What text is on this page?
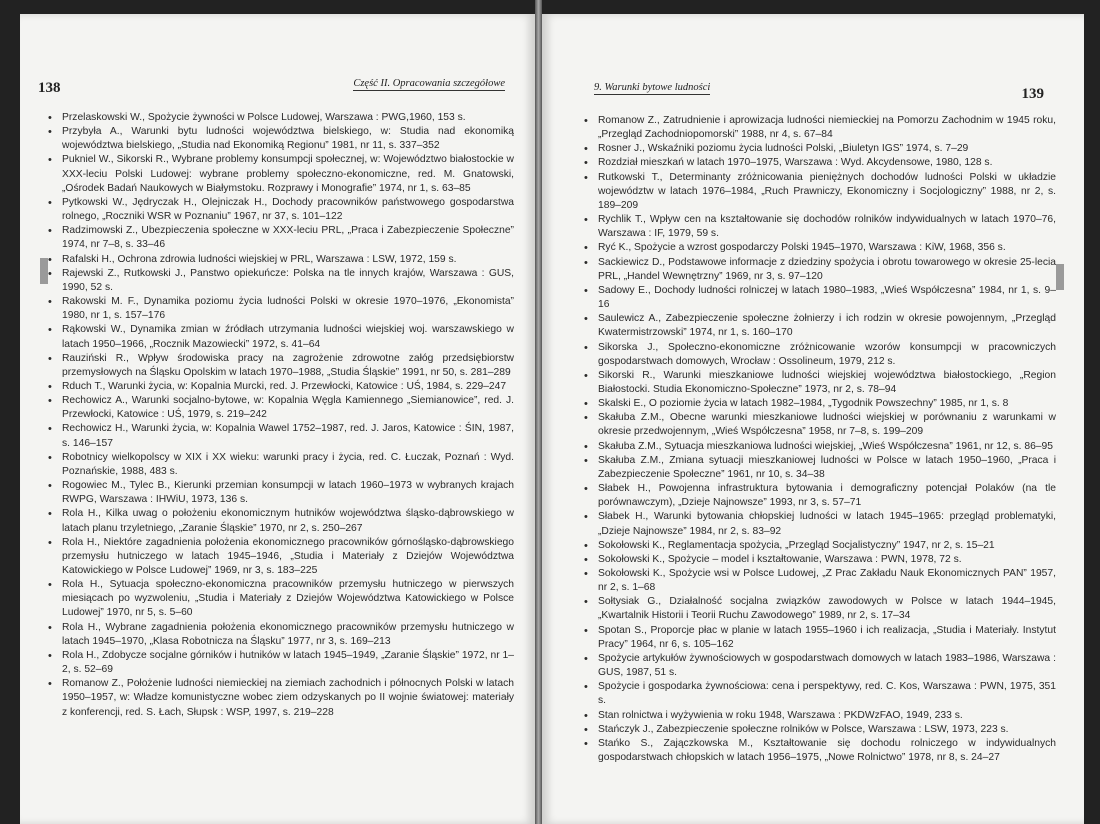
138	Część II. Opracowania szczegółowe
• Przelaskowski W., Spożycie żywności w Polsce Ludowej, Warszawa : PWG,1960, 153 s.
• Przybyła A., Warunki bytu ludności województwa bielskiego, w: Studia nad ekonomiką województwa bielskiego, „Studia nad Ekonomiką Regionu” 1981, nr 11, s. 337–352
• Pukniel W., Sikorski R., Wybrane problemy konsumpcji społecznej, w: Województwo białostockie w XXX-leciu Polski Ludowej: wybrane problemy społeczno-ekonomiczne, red. M. Gnatowski, „Ośrodek Badań Naukowych w Białymstoku. Rozprawy i Monografie” 1974, nr 1, s. 63–85
• Pytkowski W., Jędryczak H., Olejniczak H., Dochody pracowników państwowego gospodarstwa rolnego, „Roczniki WSR w Poznaniu” 1967, nr 37, s. 101–122
• Radzimowski Z., Ubezpieczenia społeczne w XXX-leciu PRL, „Praca i Zabezpieczenie Społeczne” 1974, nr 7–8, s. 33–46
• Rafalski H., Ochrona zdrowia ludności wiejskiej w PRL, Warszawa : LSW, 1972, 159 s.
• Rajewski Z., Rutkowski J., Panstwo opiekuńcze: Polska na tle innych krajów, Warszawa : GUS, 1990, 52 s.
• Rakowski M. F., Dynamika poziomu życia ludności Polski w okresie 1970–1976, „Ekonomista” 1980, nr 1, s. 157–176
• Rąkowski W., Dynamika zmian w źródłach utrzymania ludności wiejskiej woj. warszawskiego w latach 1950–1966, „Rocznik Mazowiecki” 1972, s. 41–64
• Rauziński R., Wpływ środowiska pracy na zagrożenie zdrowotne załóg przedsiębiorstw przemysłowych na Śląsku Opolskim w latach 1970–1988, „Studia Śląskie” 1991, nr 50, s. 281–289
• Rduch T., Warunki życia, w: Kopalnia Murcki, red. J. Przewłocki, Katowice : UŚ, 1984, s. 229–247
• Rechowicz A., Warunki socjalno-bytowe, w: Kopalnia Węgla Kamiennego „Siemianowice”, red. J. Przewłocki, Katowice : UŚ, 1979, s. 219–242
• Rechowicz H., Warunki życia, w: Kopalnia Wawel 1752–1987, red. J. Jaros, Katowice : ŚIN, 1987, s. 146–157
• Robotnicy wielkopolscy w XIX i XX wieku: warunki pracy i życia, red. C. Łuczak, Poznań : Wyd. Poznańskie, 1988, 483 s.
• Rogowiec M., Tylec B., Kierunki przemian konsumpcji w latach 1960–1973 w wybranych krajach RWPG, Warszawa : IHWiU, 1973, 136 s.
• Rola H., Kilka uwag o położeniu ekonomicznym hutników województwa śląsko-dąbrowskiego w latach planu trzyletniego, „Zaranie Śląskie” 1970, nr 2, s. 250–267
• Rola H., Niektóre zagadnienia położenia ekonomicznego pracowników górnośląsko-dąbrowskiego przemysłu hutniczego w latach 1945–1946, „Studia i Materiały z Dziejów Województwa Katowickiego w Polsce Ludowej” 1969, nr 3, s. 183–225
• Rola H., Sytuacja społeczno-ekonomiczna pracowników przemysłu hutniczego w pierwszych miesiącach po wyzwoleniu, „Studia i Materiały z Dziejów Województwa Katowickiego w Polsce Ludowej” 1970, nr 5, s. 5–60
• Rola H., Wybrane zagadnienia położenia ekonomicznego pracowników przemysłu hutniczego w latach 1945–1970, „Klasa Robotnicza na Śląsku” 1977, nr 3, s. 169–213
• Rola H., Zdobycze socjalne górników i hutników w latach 1945–1949, „Zaranie Śląskie” 1972, nr 1–2, s. 52–69
• Romanow Z., Położenie ludności niemieckiej na ziemiach zachodnich i północnych Polski w latach 1950–1957, w: Władze komunistyczne wobec ziem odzyskanych po II wojnie światowej: materiały z konferencji, red. S. Łach, Słupsk : WSP, 1997, s. 219–228
9. Warunki bytowe ludności	139
• Romanow Z., Zatrudnienie i aprowizacja ludności niemieckiej na Pomorzu Zachodnim w 1945 roku, „Przegląd Zachodniopomorski” 1988, nr 4, s. 67–84
• Rosner J., Wskaźniki poziomu życia ludności Polski, „Biuletyn IGS” 1974, s. 7–29
• Rozdział mieszkań w latach 1970–1975, Warszawa : Wyd. Akcydensowe, 1980, 128 s.
• Rutkowski T., Determinanty zróżnicowania pieniężnych dochodów ludności Polski w układzie województw w latach 1976–1984, „Ruch Prawniczy, Ekonomiczny i Socjologiczny” 1988, nr 2, s. 189–209
• Rychlik T., Wpływ cen na kształtowanie się dochodów rolników indywidualnych w latach 1970–76, Warszawa : IF, 1979, 59 s.
• Ryć K., Spożycie a wzrost gospodarczy Polski 1945–1970, Warszawa : KiW, 1968, 356 s.
• Sackiewicz D., Podstawowe informacje z dziedziny spożycia i obrotu towarowego w okresie 25-lecia PRL, „Handel Wewnętrzny” 1969, nr 3, s. 97–120
• Sadowy E., Dochody ludności rolniczej w latach 1980–1983, „Wieś Współczesna” 1984, nr 1, s. 9–16
• Saulewicz A., Zabezpieczenie społeczne żołnierzy i ich rodzin w okresie powojennym, „Przegląd Kwatermistrzowski” 1974, nr 1, s. 160–170
• Sikorska J., Społeczno-ekonomiczne zróżnicowanie wzorów konsumpcji w pracowniczych gospodarstwach domowych, Wrocław : Ossolineum, 1979, 212 s.
• Sikorski R., Warunki mieszkaniowe ludności wiejskiej województwa białostockiego, „Region Białostocki. Studia Ekonomiczno-Społeczne” 1973, nr 2, s. 78–94
• Skalski E., O poziomie życia w latach 1982–1984, „Tygodnik Powszechny” 1985, nr 1, s. 8
• Skałuba Z.M., Obecne warunki mieszkaniowe ludności wiejskiej w porównaniu z warunkami w okresie przedwojennym, „Wieś Współczesna” 1958, nr 7–8, s. 199–209
• Skałuba Z.M., Sytuacja mieszkaniowa ludności wiejskiej, „Wieś Współczesna” 1961, nr 12, s. 86–95
• Skałuba Z.M., Zmiana sytuacji mieszkaniowej ludności w Polsce w latach 1950–1960, „Praca i Zabezpieczenie Społeczne” 1961, nr 10, s. 34–38
• Słabek H., Powojenna infrastruktura bytowania i demograficzny potencjał Polaków (na tle porównawczym), „Dzieje Najnowsze” 1993, nr 3, s. 57–71
• Słabek H., Warunki bytowania chłopskiej ludności w latach 1945–1965: przegląd problematyki, „Dzieje Najnowsze” 1984, nr 2, s. 83–92
• Sokołowski K., Reglamentacja spożycia, „Przegląd Socjalistyczny” 1947, nr 2, s. 15–21
• Sokołowski K., Spożycie – model i kształtowanie, Warszawa : PWN, 1978, 72 s.
• Sokołowski K., Spożycie wsi w Polsce Ludowej, „Z Prac Zakładu Nauk Ekonomicznych PAN” 1957, nr 2, s. 1–68
• Sołtysiak G., Działalność socjalna związków zawodowych w Polsce w latach 1944–1945, „Kwartalnik Historii i Teorii Ruchu Zawodowego” 1989, nr 2, s. 17–34
• Spotan S., Proporcje płac w planie w latach 1955–1960 i ich realizacja, „Studia i Materiały. Instytut Pracy” 1964, nr 6, s. 105–162
• Spożycie artykułów żywnościowych w gospodarstwach domowych w latach 1983–1986, Warszawa : GUS, 1987, 51 s.
• Spożycie i gospodarka żywnościowa: cena i perspektywy, red. C. Kos, Warszawa : PWN, 1975, 351 s.
• Stan rolnictwa i wyżywienia w roku 1948, Warszawa : PKDWzFAO, 1949, 233 s.
• Stańczyk J., Zabezpieczenie społeczne rolników w Polsce, Warszawa : LSW, 1973, 223 s.
• Stańko S., Zajączkowska M., Kształtowanie się dochodu rolniczego w indywidualnych gospodarstwach chłopskich w latach 1956–1975, „Nowe Rolnictwo” 1978, nr 8, s. 24–27
